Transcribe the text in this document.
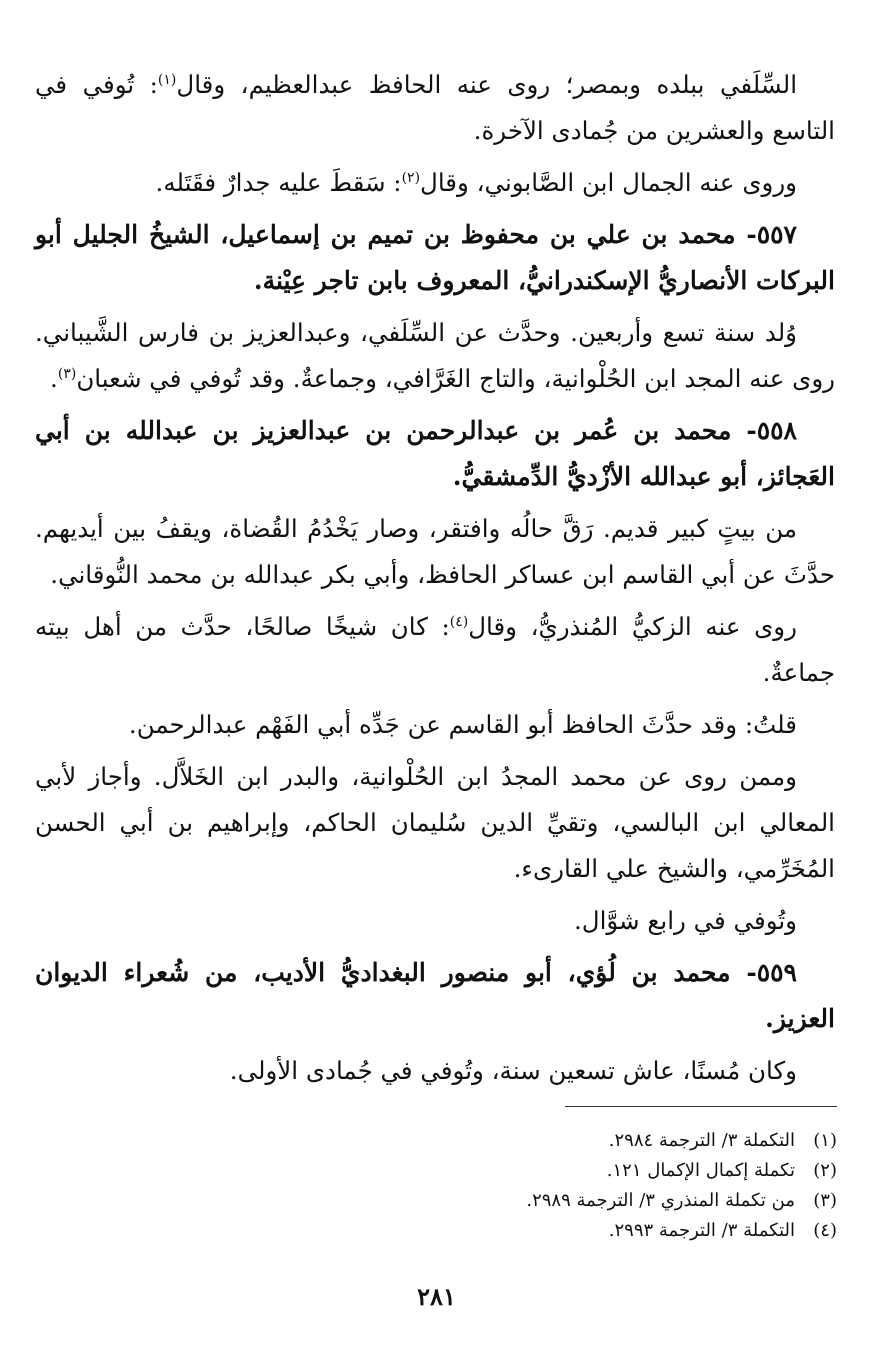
السِّلَفي ببلده وبمصر؛ روى عنه الحافظ عبدالعظيم، وقال$^{(١)}$: تُوفي في التاسع والعشرين من جُمادى الآخرة.

وروى عنه الجمال ابن الصَّابوني، وقال$^{(٢)}$: سَقطَ عليه جدارٌ فقَتَله.

٥٥٧- محمد بن علي بن محفوظ بن تميم بن إسماعيل، الشيخُ الجليل أبو البركات الأنصاريُّ الإسكندرانيُّ، المعروف بابن تاجر عِيْنة.

وُلد سنة تسع وأربعين. وحدَّث عن السِّلَفي، وعبدالعزيز بن فارس الشَّيباني. روى عنه المجد ابن الحُلْوانية، والتاج الغَرَّافي، وجماعةٌ. وقد تُوفي في شعبان$^{(٣)}$.

٥٥٨- محمد بن عُمر بن عبدالرحمن بن عبدالعزيز بن عبدالله بن أبي العَجائز، أبو عبدالله الأزْديُّ الدِّمشقيُّ.

من بيتٍ كبير قديم. رَقَّ حالُه وافتقر، وصار يَخْدُمُ القُضاة، ويقفُ بين أيديهم. حدَّثَ عن أبي القاسم ابن عساكر الحافظ، وأبي بكر عبدالله بن محمد النُّوقاني.

روى عنه الزكيُّ المُنذريُّ، وقال$^{(٤)}$: كان شيخًا صالحًا، حدَّث من أهل بيته جماعةٌ.

قلتُ: وقد حدَّثَ الحافظ أبو القاسم عن جَدِّه أبي الفَهْم عبدالرحمن.

وممن روى عن محمد المجدُ ابن الحُلْوانية، والبدر ابن الخَلاَّل. وأجاز لأبي المعالي ابن البالسي، وتقيِّ الدين سُليمان الحاكم، وإبراهيم بن أبي الحسن المُخَرِّمي، والشيخ علي القارىء.

وتُوفي في رابع شوَّال.

٥٥٩- محمد بن لُؤي، أبو منصور البغداديُّ الأديب، من شُعراء الديوان العزيز.

وكان مُسنًا، عاش تسعين سنة، وتُوفي في جُمادى الأولى.

(١)التكملة ٣/ الترجمة ٢٩٨٤.
(٢)تكملة إكمال الإكمال ١٢١.
(٣)من تكملة المنذري ٣/ الترجمة ٢٩٨٩.
(٤)التكملة ٣/ الترجمة ٢٩٩٣.
٢٨١
